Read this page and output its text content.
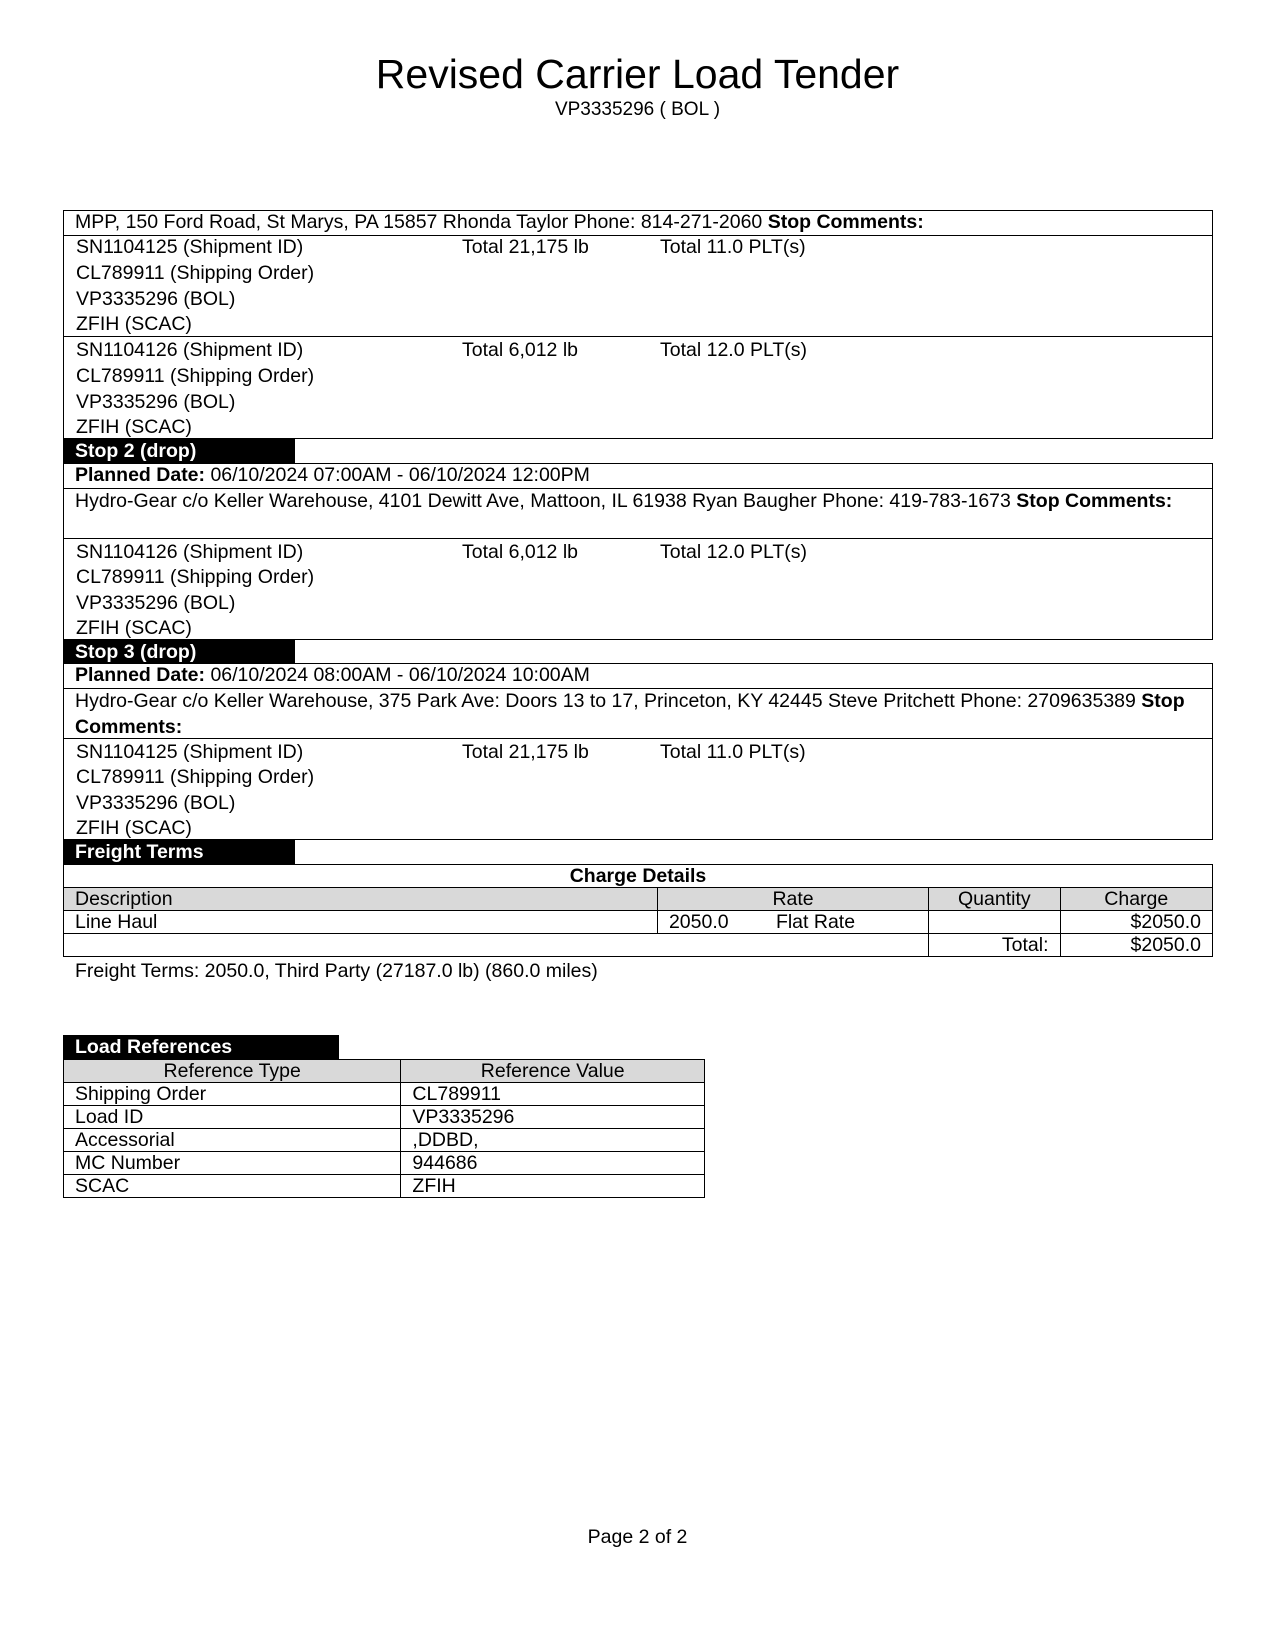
Revised Carrier Load Tender
VP3335296 ( BOL )
MPP, 150 Ford Road, St Marys, PA 15857 Rhonda Taylor Phone: 814-271-2060 Stop Comments:
SN1104125 (Shipment ID)	Total 21,175 lb	Total 11.0 PLT(s)
CL789911 (Shipping Order)
VP3335296 (BOL)
ZFIH (SCAC)
SN1104126 (Shipment ID)	Total 6,012 lb	Total 12.0 PLT(s)
CL789911 (Shipping Order)
VP3335296 (BOL)
ZFIH (SCAC)
Stop 2 (drop)
Planned Date: 06/10/2024 07:00AM - 06/10/2024 12:00PM
Hydro-Gear c/o Keller Warehouse, 4101 Dewitt Ave, Mattoon, IL 61938 Ryan Baugher Phone: 419-783-1673 Stop Comments:
SN1104126 (Shipment ID)	Total 6,012 lb	Total 12.0 PLT(s)
CL789911 (Shipping Order)
VP3335296 (BOL)
ZFIH (SCAC)
Stop 3 (drop)
Planned Date: 06/10/2024 08:00AM - 06/10/2024 10:00AM
Hydro-Gear c/o Keller Warehouse, 375 Park Ave: Doors 13 to 17, Princeton, KY 42445 Steve Pritchett Phone: 2709635389 Stop Comments:
SN1104125 (Shipment ID)	Total 21,175 lb	Total 11.0 PLT(s)
CL789911 (Shipping Order)
VP3335296 (BOL)
ZFIH (SCAC)
Freight Terms
Charge Details			
Description	Rate	Quantity	Charge
Line Haul	2050.0 Flat Rate		$2050.0
		Total:	$2050.0
Freight Terms: 2050.0, Third Party (27187.0 lb) (860.0 miles)
Load References
Reference Type	Reference Value
Shipping Order	CL789911
Load ID	VP3335296
Accessorial	,DDBD,
MC Number	944686
SCAC	ZFIH
Page 2 of 2
